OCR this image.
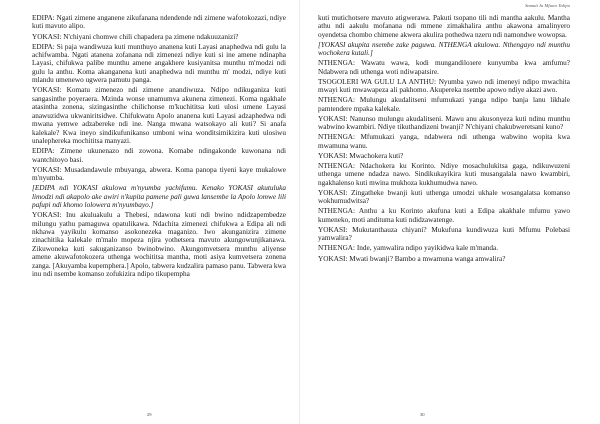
EDIPA: Ngati zimene anganene zikufanana ndendende ndi zimene wafotokozazi, ndiye kuti mavuto alipo.

YOKASI: N'chiyani chomwe chili chapadera pa zimene ndakuuzanizi?

EDIPA: Si paja wandiwuza kuti munthuyo ananena kuti Layasi anaphedwa ndi gulu la achifwamba. Ngati atanena zofanana ndi zimenezi ndiye kuti si ine amene ndinapha Layasi, chifukwa palibe munthu amene angakhere kusiyanitsa munthu m'modzi ndi gulu la anthu. Koma akanganena kuti anaphedwa ndi munthu m' modzi, ndiye kuti mlandu umenewo ugwera pamutu panga.

YOKASI: Komatu zimenezo ndi zimene anandiwuza. Ndipo ndikuganiza kuti sangasinthe poyeraera. Mzinda wonse unamumva akunena zimenezi. Koma ngakhale atasintha zonena, sizingasinthe chilichonse m'kuchititsa kuti ulosi umene Layasi anawuzidwa ukwaniritsidwe. Chifukwatu Apolo ananena kuti Layasi adzaphedwa ndi mwana yemwe adzabereke ndi ine. Nanga mwana watsokayo ali kuti? Si anafa kalekale? Kwa ineyo sindikufunikanso umboni wina wonditsimikizira kuti ulosiwu unalepherekа mochititsa manyazi.

EDIPA: Zimene ukunenazo ndi zowona. Komabe ndingakonde kuwonana ndi wantchitoyo basi.

YOKASI: Musadandawule mbuyanga, abwera. Koma panopa tiyeni kaye mukalowe m'nyumba.

[EDIPA ndi YOKASI akulowa m'nyumba yachifumu. Kenako YOKASI akutuluka limodzi ndi akapolo ake awiri n'kupita pamene pali guwa lansembe la Apolo lomwe lili pafupi ndi khomo lolowera m'nyumbayo.]

YOKASI: Inu akuluakulu a Thebesi, ndawona kuti ndi bwino ndidzapembedze milungu yathu pamaguwa opatulikawa. Ndachita zimenezi chifukwa a Edipa ali ndi nkhawa yayikulu komanso asokonezeka maganizo. Iwo akunganizira zimene zinachitika kalekale m'malo mopeza njira yothetsera mavuto akungowunjikanawa. Zikuwoneka kuti sakuganizanso bwinobwino. Akungomvetsera munthu aliyense amene akuwafotokozera uthenga wochititsa mantha, moti asiya kumvetsera zonena zanga. [Akuyamba kupemphera.] Apolo, tabwera kudzalira pamaso panu. Tabwera kwa inu ndi nsembe komanso zofukizira ndipo tikupempha

29
Samuti Ja Mfuwo Yalipo

kuti mutichotsere mavuto atigwerawa. Pakuti tsopano tili ndi mantha aakulu. Mantha athu ndi aakulu mofanana ndi mmene zimakhalira anthu akawona amalinyero oyendetsa chombo chimene akwera akulira pothedwa nzeru ndi namondwe wowopsa.

[YOKASI akupita nsembe zake paguwa. NTHENGA akulowa. Nthengayo ndi munthu wochokera kutali.]

NTHENGA: Wawatu wawa, kodi mungandiloзere kunyumba kwa amfumu? Ndabwera ndi uthenga woti ndiwapatsire.

TSOGOLERI WA GULU LA ANTHU: Nyumba yawo ndi imeneyi ndipo mwachita mwayi kuti mwawapeza ali pakhomo. Akuperekа nsembe apowo ndiye akazi awo.

NTHENGA: Mulungu akudalitseni mfumukazi yanga ndipo banja lanu likhale pamtendere mpaka kalekale.

YOKASI: Nanunso mulungu akudalitseni. Mawu anu akusonyeza kuti ndinu munthu wabwino kwambiri. Ndiye tikuthandizeni bwanji? N'chiyani chakubweretsani kuno?

NTHENGA: Mfumukazi yanga, ndabwera ndi uthenga wabwino wopita kwa mwamuna wanu.

YOKASI: Mwachokera kuti?

NTHENGA: Ndachokera ku Korinto. Ndiye mosachulukitsa gaga, ndikuwuzeni uthenga umene ndadza nawo. Sindikukayikira kuti musangalala nawo kwambiri, ngakhalenso kuti mwina mukhoza kukhumudwa nawo.

YOKASI: Zingatheke bwanji kuti uthenga umodzi ukhale wosangalatsa komanso wokhumudwitsa?

NTHENGA: Anthu a ku Korinto akufuna kuti a Edipa akakhale mfumu yawo kumeneko, moti anditumа kuti ndidzawatenge.

YOKASI: Mukutanthauza chiyani? Mukufuna kundiwuza kuti Mfumu Polebasi yamwalira?

NTHENGA: Inde, yamwalira ndipo yayikidwa kale m'manda.

YOKASI: Mwati bwanji? Bambo a mwamuna wanga amwalira?

30
